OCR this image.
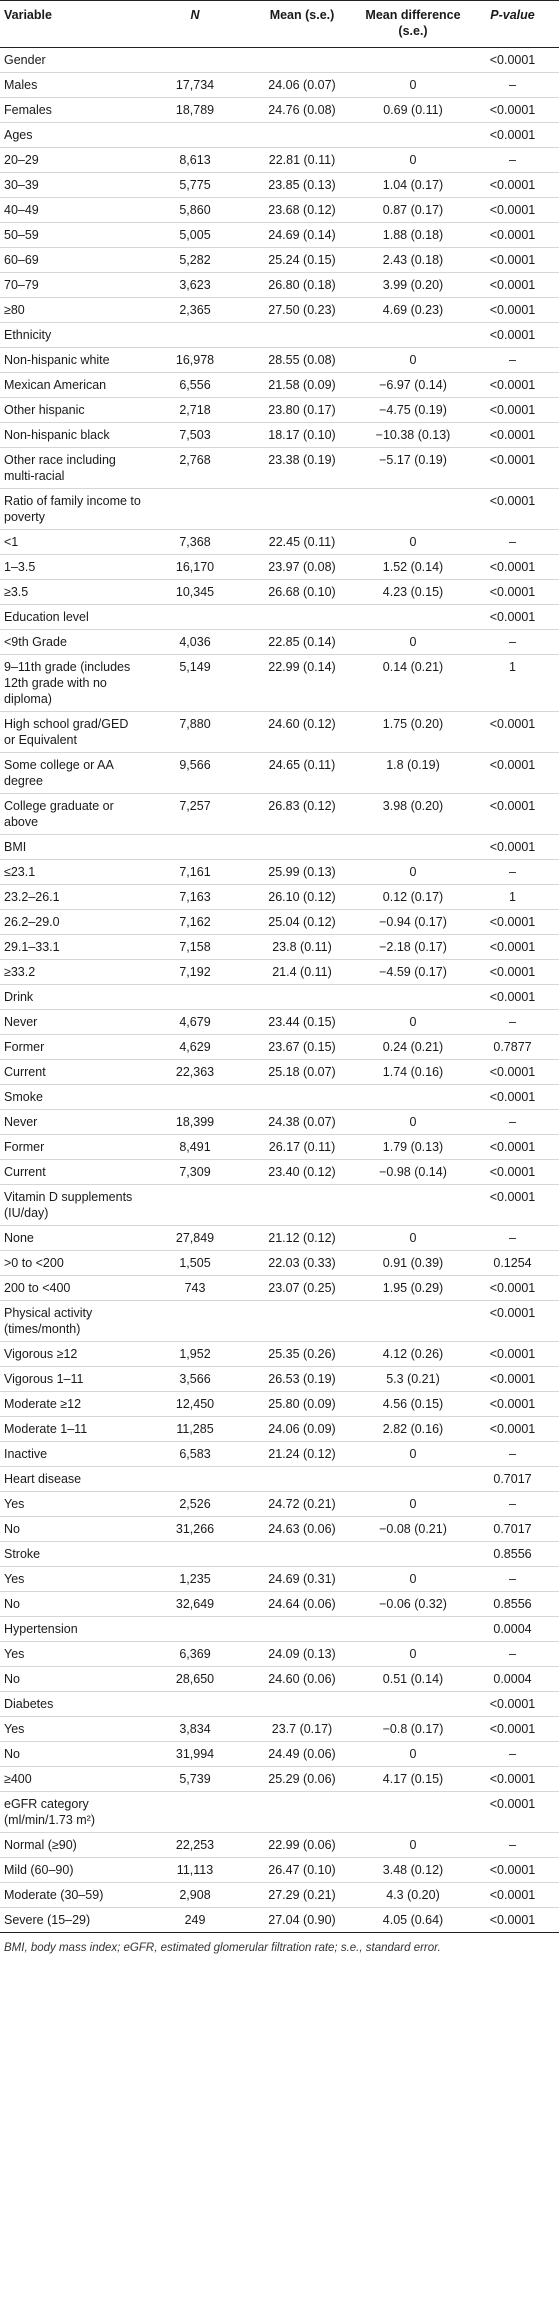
Variable	N	Mean (s.e.)	Mean difference (s.e.)	P-value
Gender				<0.0001
Males	17,734	24.06 (0.07)	0	–
Females	18,789	24.76 (0.08)	0.69 (0.11)	<0.0001
Ages				<0.0001
20–29	8,613	22.81 (0.11)	0	–
30–39	5,775	23.85 (0.13)	1.04 (0.17)	<0.0001
40–49	5,860	23.68 (0.12)	0.87 (0.17)	<0.0001
50–59	5,005	24.69 (0.14)	1.88 (0.18)	<0.0001
60–69	5,282	25.24 (0.15)	2.43 (0.18)	<0.0001
70–79	3,623	26.80 (0.18)	3.99 (0.20)	<0.0001
≥80	2,365	27.50 (0.23)	4.69 (0.23)	<0.0001
Ethnicity				<0.0001
Non-hispanic white	16,978	28.55 (0.08)	0	–
Mexican American	6,556	21.58 (0.09)	−6.97 (0.14)	<0.0001
Other hispanic	2,718	23.80 (0.17)	−4.75 (0.19)	<0.0001
Non-hispanic black	7,503	18.17 (0.10)	−10.38 (0.13)	<0.0001
Other race including multi-racial	2,768	23.38 (0.19)	−5.17 (0.19)	<0.0001
Ratio of family income to poverty				<0.0001
<1	7,368	22.45 (0.11)	0	–
1–3.5	16,170	23.97 (0.08)	1.52 (0.14)	<0.0001
≥3.5	10,345	26.68 (0.10)	4.23 (0.15)	<0.0001
Education level				<0.0001
<9th Grade	4,036	22.85 (0.14)	0	–
9–11th grade (includes 12th grade with no diploma)	5,149	22.99 (0.14)	0.14 (0.21)	1
High school grad/GED or Equivalent	7,880	24.60 (0.12)	1.75 (0.20)	<0.0001
Some college or AA degree	9,566	24.65 (0.11)	1.8 (0.19)	<0.0001
College graduate or above	7,257	26.83 (0.12)	3.98 (0.20)	<0.0001
BMI				<0.0001
≤23.1	7,161	25.99 (0.13)	0	–
23.2–26.1	7,163	26.10 (0.12)	0.12 (0.17)	1
26.2–29.0	7,162	25.04 (0.12)	−0.94 (0.17)	<0.0001
29.1–33.1	7,158	23.8 (0.11)	−2.18 (0.17)	<0.0001
≥33.2	7,192	21.4 (0.11)	−4.59 (0.17)	<0.0001
Drink				<0.0001
Never	4,679	23.44 (0.15)	0	–
Former	4,629	23.67 (0.15)	0.24 (0.21)	0.7877
Current	22,363	25.18 (0.07)	1.74 (0.16)	<0.0001
Smoke				<0.0001
Never	18,399	24.38 (0.07)	0	–
Former	8,491	26.17 (0.11)	1.79 (0.13)	<0.0001
Current	7,309	23.40 (0.12)	−0.98 (0.14)	<0.0001
Vitamin D supplements (IU/day)				<0.0001
None	27,849	21.12 (0.12)	0	–
>0 to <200	1,505	22.03 (0.33)	0.91 (0.39)	0.1254
200 to <400	743	23.07 (0.25)	1.95 (0.29)	<0.0001
Physical activity (times/month)				<0.0001
Vigorous ≥12	1,952	25.35 (0.26)	4.12 (0.26)	<0.0001
Vigorous 1–11	3,566	26.53 (0.19)	5.3 (0.21)	<0.0001
Moderate ≥12	12,450	25.80 (0.09)	4.56 (0.15)	<0.0001
Moderate 1–11	11,285	24.06 (0.09)	2.82 (0.16)	<0.0001
Inactive	6,583	21.24 (0.12)	0	–
Heart disease				0.7017
Yes	2,526	24.72 (0.21)	0	–
No	31,266	24.63 (0.06)	−0.08 (0.21)	0.7017
Stroke				0.8556
Yes	1,235	24.69 (0.31)	0	–
No	32,649	24.64 (0.06)	−0.06 (0.32)	0.8556
Hypertension				0.0004
Yes	6,369	24.09 (0.13)	0	–
No	28,650	24.60 (0.06)	0.51 (0.14)	0.0004
Diabetes				<0.0001
Yes	3,834	23.7 (0.17)	−0.8 (0.17)	<0.0001
No	31,994	24.49 (0.06)	0	–
≥400	5,739	25.29 (0.06)	4.17 (0.15)	<0.0001
eGFR category (ml/min/1.73 m²)				<0.0001
Normal (≥90)	22,253	22.99 (0.06)	0	–
Mild (60–90)	11,113	26.47 (0.10)	3.48 (0.12)	<0.0001
Moderate (30–59)	2,908	27.29 (0.21)	4.3 (0.20)	<0.0001
Severe (15–29)	249	27.04 (0.90)	4.05 (0.64)	<0.0001
BMI, body mass index; eGFR, estimated glomerular filtration rate; s.e., standard error.
